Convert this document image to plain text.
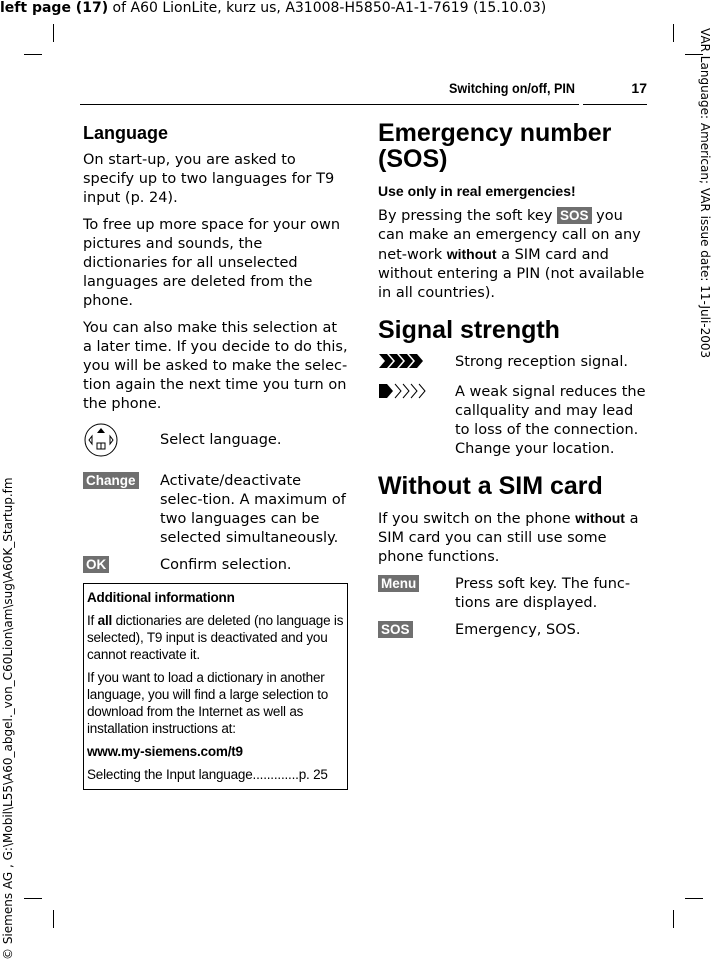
left page (17) of A60 LionLite, kurz us, A31008-H5850-A1-1-7619 (15.10.03)
VAR Language: American; VAR issue date: 11-Juli-2003
© Siemens AG , G:\Mobil\L55\A60_abgel._von_C60Lion\am\sug\A60K_Startup.fm
Switching on/off, PIN	17
Language

On start-up, you are asked to specify up to two languages for T9 input (p. 24).

To free up more space for your own pictures and sounds, the dictionaries for all unselected languages are deleted from the phone.

You can also make this selection at a later time. If you decide to do this, you will be asked to make the selec-tion again the next time you turn on the phone.

Select language.
Change	Activate/deactivate selec-tion. A maximum of two languages can be selected simultaneously.
OK	Confirm selection.
Additional informationn

If all dictionaries are deleted (no language is selected), T9 input is deactivated and you cannot reactivate it.

If you want to load a dictionary in another language, you will find a large selection to download from the Internet as well as installation instructions at:

www.my-siemens.com/t9

Selecting the Input language.............p. 25

Emergency number (SOS)
Use only in real emergencies!

By pressing the soft key SOS you can make an emergency call on any net-work without a SIM card and without entering a PIN (not available in all countries).

Signal strength
Strong reception signal.
A weak signal reduces the callquality and may lead to loss of the connection. Change your location.
Without a SIM card

If you switch on the phone without a SIM card you can still use some phone functions.

Menu	Press soft key. The func-tions are displayed.
SOS	Emergency, SOS.
